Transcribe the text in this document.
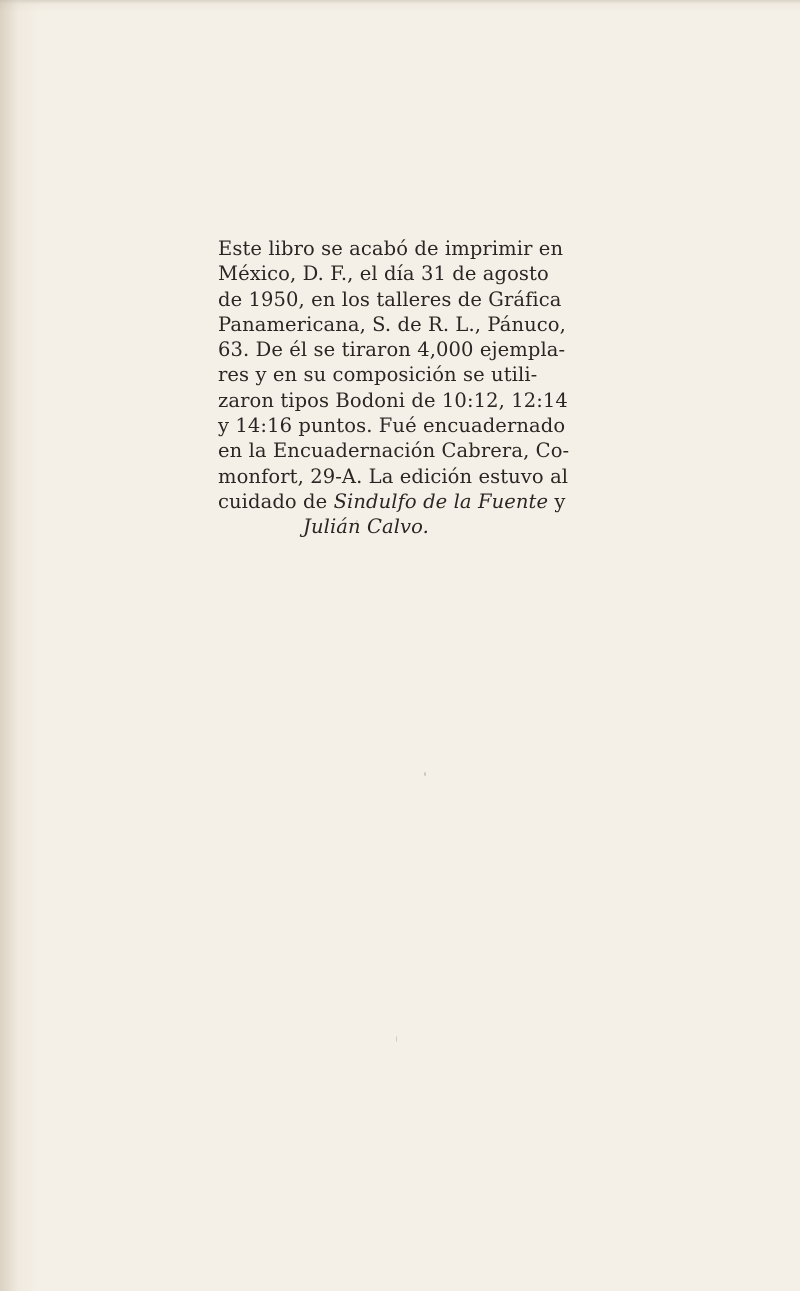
Este libro se acabó de imprimir en
México, D. F., el día 31 de agosto
de 1950, en los talleres de Gráfica
Panamericana, S. de R. L., Pánuco,
63. De él se tiraron 4,000 ejempla-
res y en su composición se utili-
zaron tipos Bodoni de 10:12, 12:14
y 14:16 puntos. Fué encuadernado
en la Encuadernación Cabrera, Co-
monfort, 29-A. La edición estuvo al
cuidado de Sindulfo de la Fuente y
Julián Calvo.
